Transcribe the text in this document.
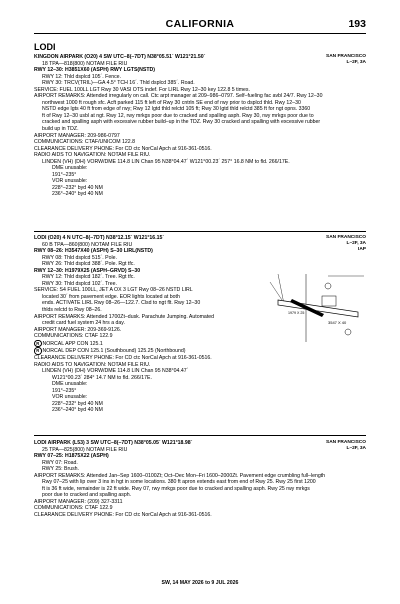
CALIFORNIA	193
LODI
SAN FRANCISCO
L–2F, 3A
KINGDON AIRPARK (O20) 4 SW UTC–8(–7DT) N38°05.51´ W121°21.50´
18 TPA—818(800) NOTAM FILE RIU
RWY 12–30: H3851X60 (ASPH) RWY LGTS(NSTD)
RWY 12: Thld dsplcd 105´. Fence.
RWY 30: TRCV(TRIL)—GA 4.5° TCH 16´. Thld dsplcd 385´. Road.
SERVICE: FUEL 100LL LGT Rwy 30 VASI OTS indef. For LIRL Rwy 12–30 key 122.8 5 times.
AIRPORT REMARKS: Attended irregularly on call. Ctc arpt manager at 209–986–0797. Self–fueling fac avbl 24/7. Rwy 12–30
northwest 1000 ft rough sfc. Acft parked 115 ft left of Rwy 30 cntrln SE end of rwy prior to dsplcd thld. Rwy 12–30
NSTD edge lgts 40 ft from edge of rwy; Rwy 12 lgtd thld relctd 105 ft; Rwy 30 lgtd thld relctd 385 ft for ngt opns. 3360
ft of Rwy 12–30 usbl at ngt. Rwy 12, rwy mrkgs poor due to cracked and spalling asph. Rwy 30, rwy mrkgs poor due to
cracked and spalling asph with excessive rubber build–up in the TDZ. Rwy 30 cracked and spalling with excessive rubber
build up in TDZ.
AIRPORT MANAGER: 209-986-0797
COMMUNICATIONS: CTAF/UNICOM 122.8
CLEARANCE DELIVERY PHONE: For CD ctc NorCal Apch at 916-361-0516.
RADIO AIDS TO NAVIGATION: NOTAM FILE RIU.
LINDEN (VH) (DH) VORW/DME 114.8 LIN Chan 95 N38°04.47´ W121°00.23´ 257° 16.8 NM to fld. 266/17E.
DME unusable:
191°–235°
VOR unusable:
228°–232° byd 40 NM
236°–240° byd 40 NM
SAN FRANCISCO
L–2F, 3A
IAP
LODI (O20) 4 N UTC–8(–7DT) N38°12.15´ W121°16.15´
60 B TPA—860(800) NOTAM FILE RIU
RWY 08–26: H3547X40 (ASPH) S–30 LIRL(NSTD)
RWY 08: Thld dsplcd 515´. Pole.
RWY 26: Thld dsplcd 388´. Pole. Rgt tfc.
RWY 12–30: H1979X25 (ASPH–GRVD) S–30
RWY 12: Thld dsplcd 182´. Tree. Rgt tfc.
RWY 30: Thld dsplcd 102´. Tree.
SERVICE: S4 FUEL 100LL, JET A OX 3 LGT Rwy 08–26 NSTD LIRL
located 30´ from pavement edge. EOR lights located at both
ends. ACTIVATE LIRL Rwy 08–26—122.7. Clsd to ngt flt. Rwy 12–30
thlds relctd to Rwy 08–26.
AIRPORT REMARKS: Attended 1700Zt–dusk. Parachute Jumping. Automated
credit card fuel system 24 hrs a day.
AIRPORT MANAGER: 209-369-9126.
COMMUNICATIONS: CTAF 122.9
R NORCAL APP CON 125.1
R NORCAL DEP CON 125.1 (Southbound) 125.25 (Northbound)
CLEARANCE DELIVERY PHONE: For CD ctc NorCal Apch at 916-361-0516.
RADIO AIDS TO NAVIGATION: NOTAM FILE RIU.
LINDEN (VH) (DH) VORW/DME 114.8 LIN Chan 95 N38°04.47´
W121°00.23´ 284° 14.7 NM to fld. 266/17E.
DME unusable:
191°–235°
VOR unusable:
228°–232° byd 40 NM
236°–240° byd 40 NM
3547 X 40
1979 X 25
SAN FRANCISCO
L–2F, 3A
LODI AIRPARK (L53) 3 SW UTC–8(–7DT) N38°05.05´ W121°18.98´
25 TPA—825(800) NOTAM FILE RIU
RWY 07–25: H1875X22 (ASPH)
RWY 07: Road.
RWY 25: Brush.
AIRPORT REMARKS: Attended Jan–Sep 1600–0100Zt; Oct–Dec Mon–Fri 1600–2000Zt. Pavement edge crumbling full–length
Rwy 07–25 with lip over 3 ins in hgt in some locations. 380 ft apron extends east from end of Rwy 25. Rwy 25 first 1200
ft is 36 ft wide, remainder is 22 ft wide. Rwy 07, rwy mrkgs poor due to cracked and spalling asph. Rwy 25 rwy mrkgs
poor due to cracked and spalling asph.
AIRPORT MANAGER: (209) 327-3311
COMMUNICATIONS: CTAF 122.9
CLEARANCE DELIVERY PHONE: For CD ctc NorCal Apch at 916-361-0516.
SW, 14 MAY 2026 to 9 JUL 2026
